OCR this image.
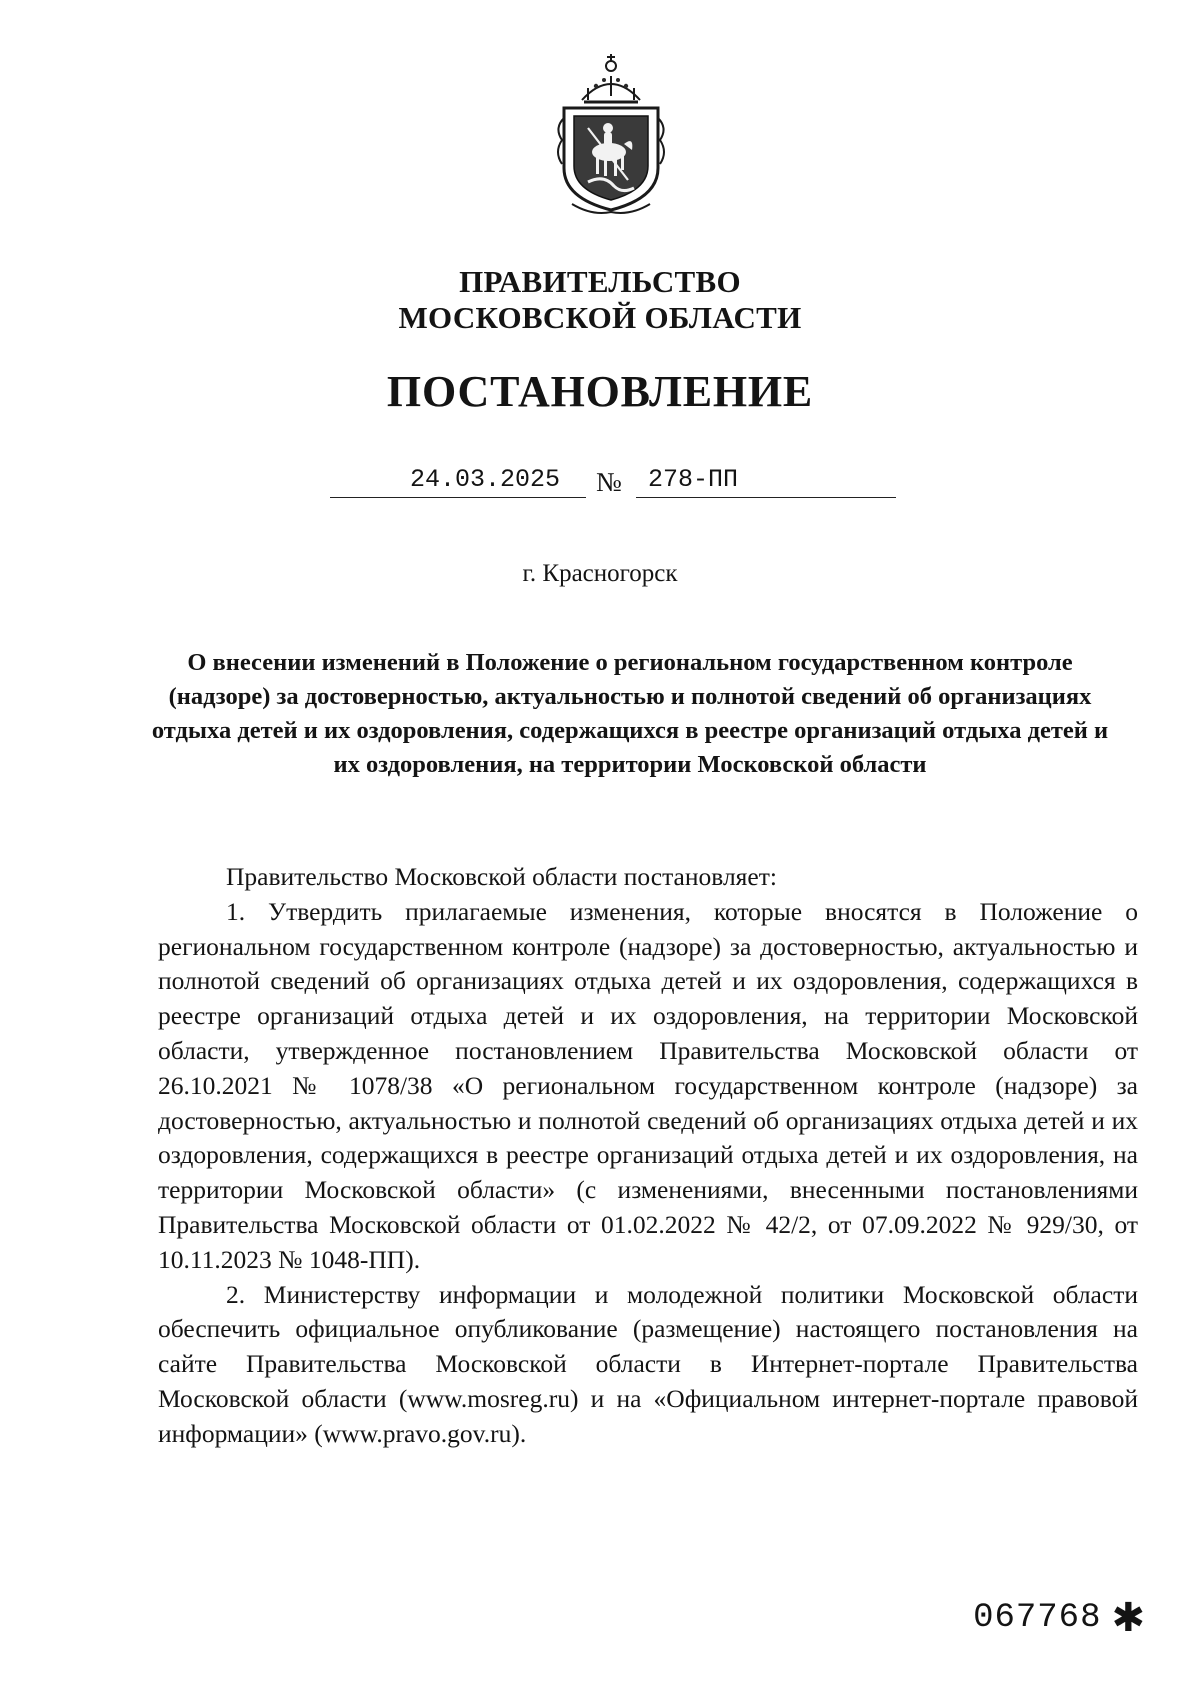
ПРАВИТЕЛЬСТВО
МОСКОВСКОЙ ОБЛАСТИ
ПОСТАНОВЛЕНИЕ
24.03.2025	№	278-ПП
г. Красногорск
О внесении изменений в Положение о региональном государственном контроле (надзоре) за достоверностью, актуальностью и полнотой сведений об организациях отдыха детей и их оздоровления, содержащихся в реестре организаций отдыха детей и их оздоровления, на территории Московской области

Правительство Московской области постановляет:

1. Утвердить прилагаемые изменения, которые вносятся в Положение о региональном государственном контроле (надзоре) за достоверностью, актуальностью и полнотой сведений об организациях отдыха детей и их оздоровления, содержащихся в реестре организаций отдыха детей и их оздоровления, на территории Московской области, утвержденное постановлением Правительства Московской области от 26.10.2021 № 1078/38 «О региональном государственном контроле (надзоре) за достоверностью, актуальностью и полнотой сведений об организациях отдыха детей и их оздоровления, содержащихся в реестре организаций отдыха детей и их оздоровления, на территории Московской области» (с изменениями, внесенными постановлениями Правительства Московской области от 01.02.2022 № 42/2, от 07.09.2022 № 929/30, от 10.11.2023 № 1048-ПП).

2. Министерству информации и молодежной политики Московской области обеспечить официальное опубликование (размещение) настоящего постановления на сайте Правительства Московской области в Интернет-портале Правительства Московской области (www.mosreg.ru) и на «Официальном интернет-портале правовой информации» (www.pravo.gov.ru).

067768 ✱
